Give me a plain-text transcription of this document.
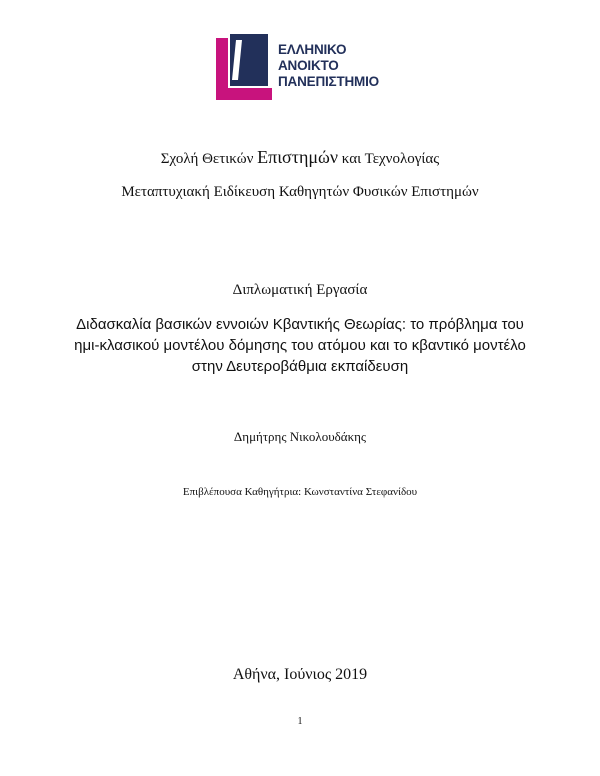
ΕΛΛΗΝΙΚΟ
ΑΝΟΙΚΤΟ
ΠΑΝΕΠΙΣΤΗΜΙΟ
Σχολή Θετικών Επιστημών και Τεχνολογίας
Μεταπτυχιακή Ειδίκευση Καθηγητών Φυσικών Επιστημών
Διπλωματική Εργασία
Διδασκαλία βασικών εννοιών Κβαντικής Θεωρίας: το πρόβλημα του
ημι-κλασικού μοντέλου δόμησης του ατόμου και το κβαντικό μοντέλο
στην Δευτεροβάθμια εκπαίδευση
Δημήτρης Νικολουδάκης
Επιβλέπουσα Καθηγήτρια: Κωνσταντίνα Στεφανίδου
Αθήνα, Ιούνιος 2019
1
